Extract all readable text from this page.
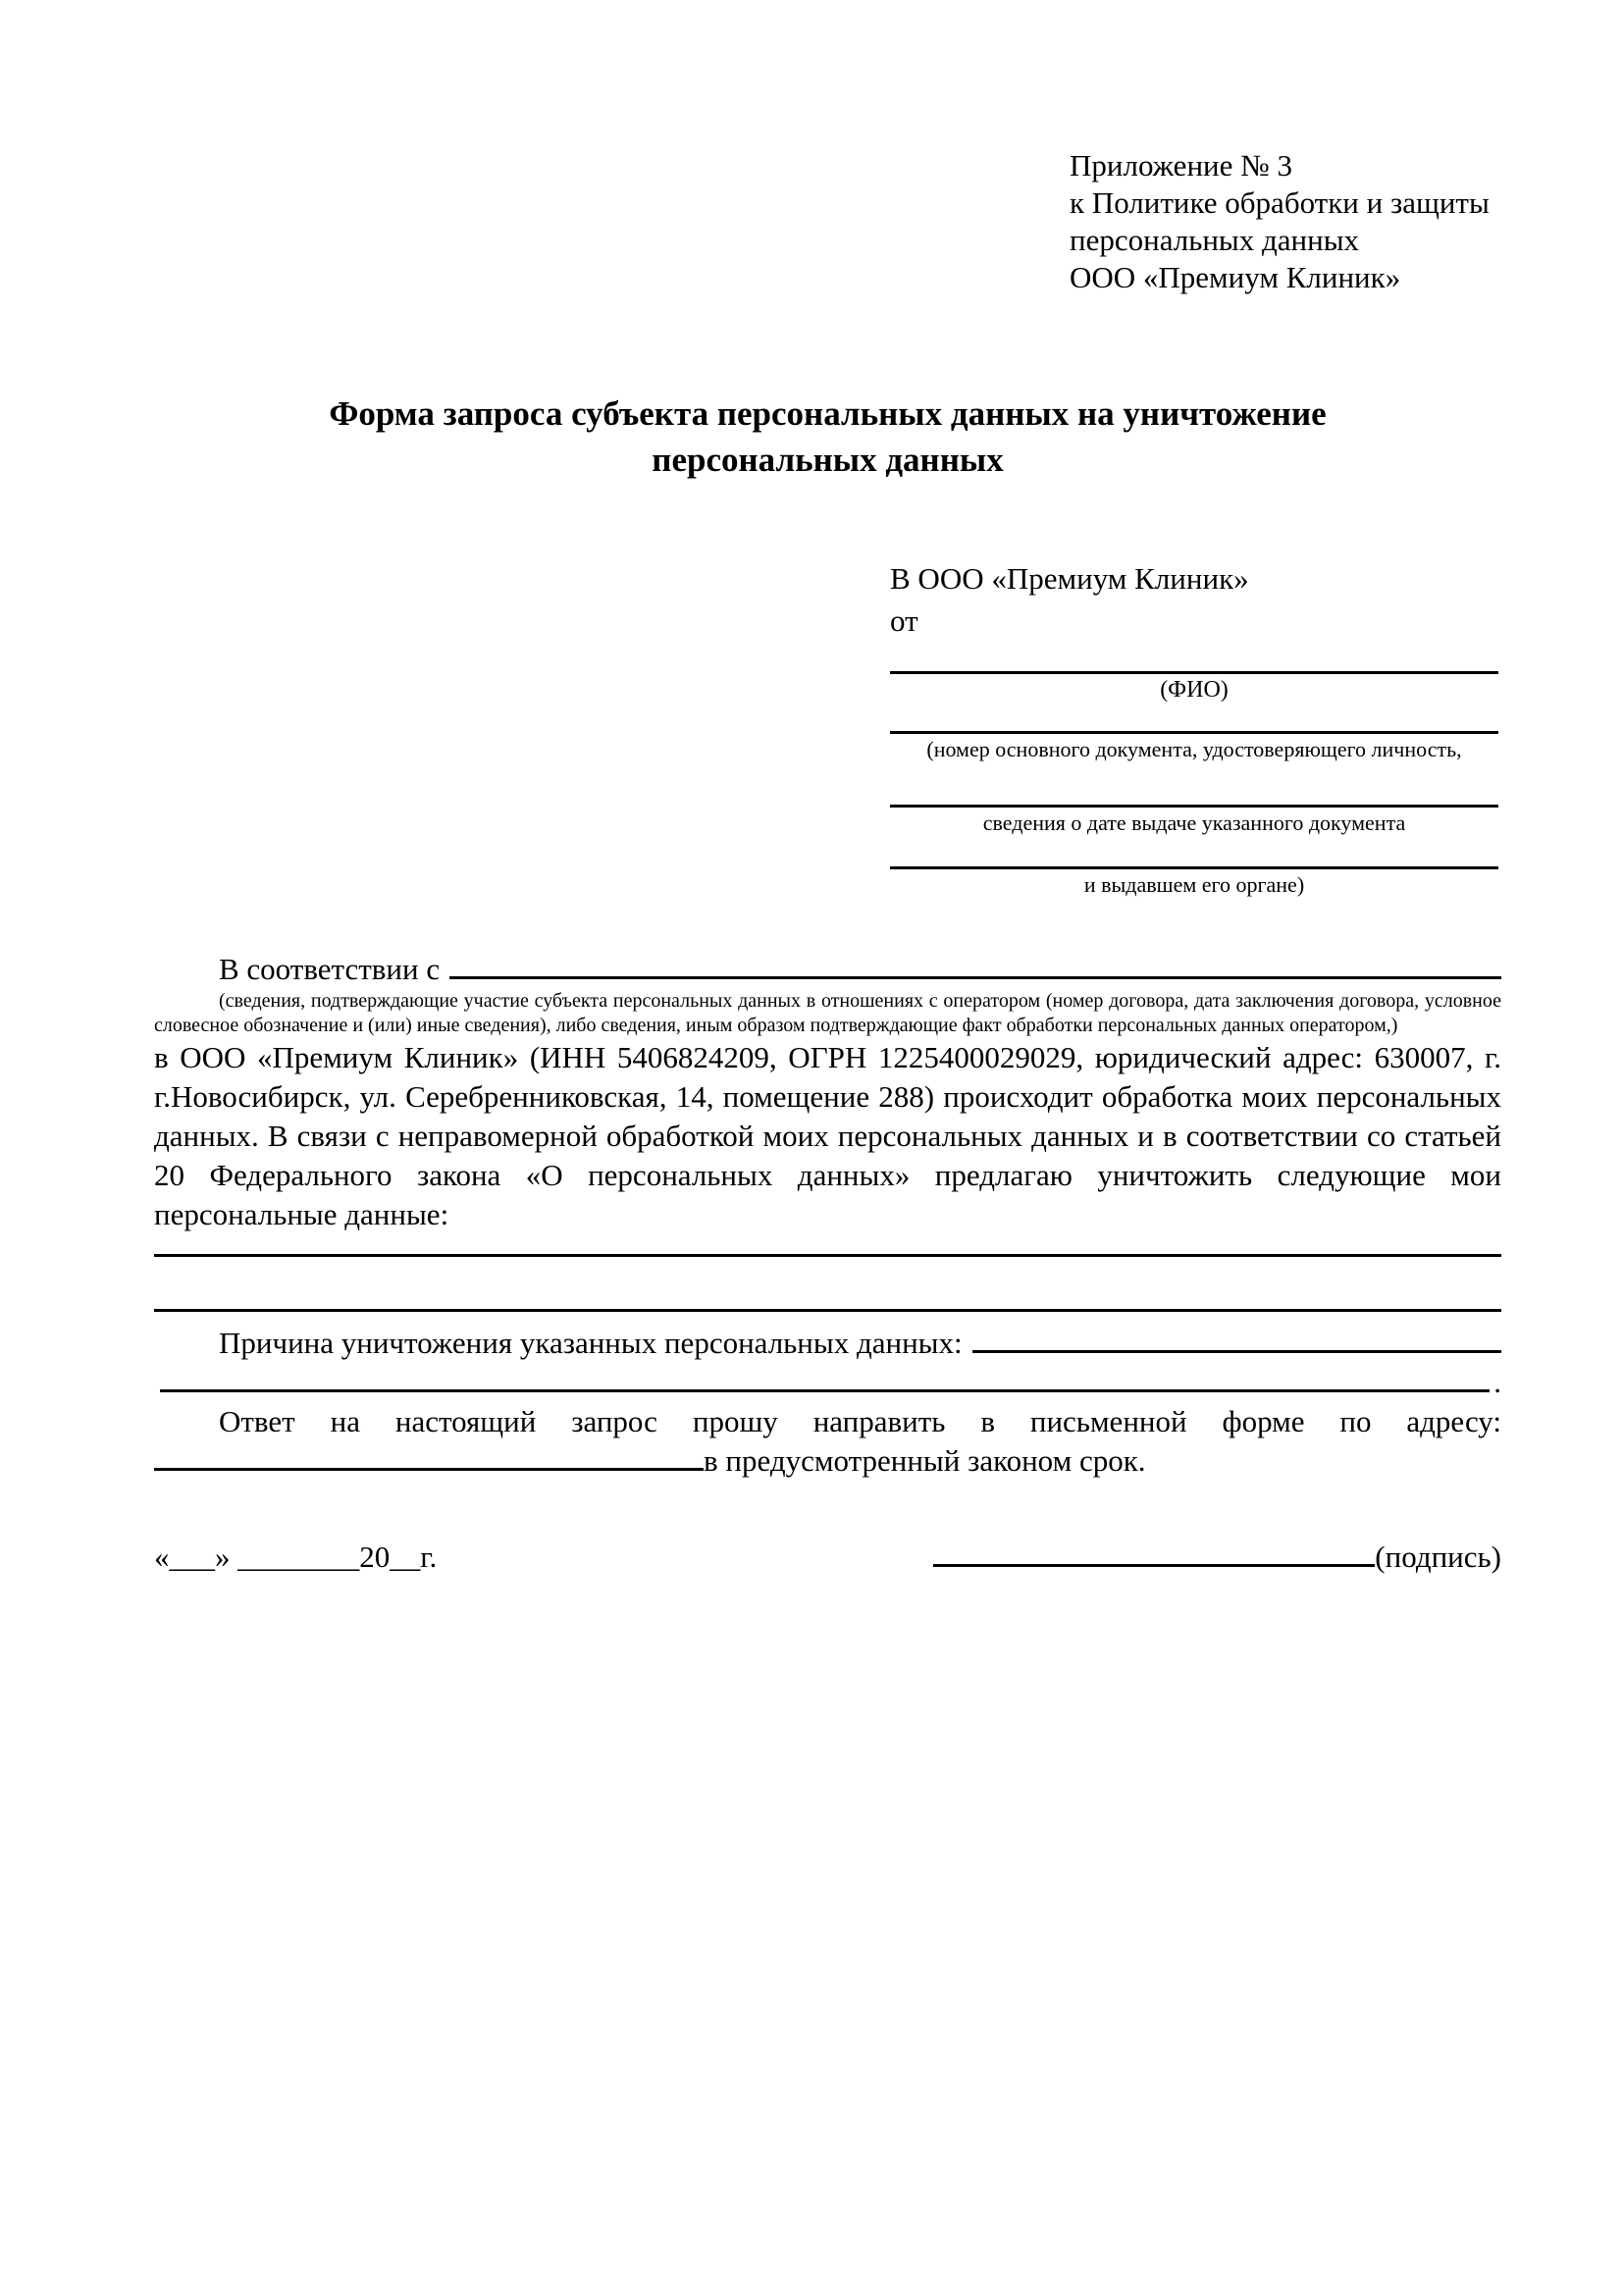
Приложение № 3
к Политике обработки и защиты
персональных данных
ООО «Премиум Клиник»
Форма запроса субъекта персональных данных на уничтожение
персональных данных
В ООО «Премиум Клиник»
от
(ФИО)
(номер основного документа, удостоверяющего личность,
сведения о дате выдаче указанного документа
и выдавшем его органе)
В соответствии с

(сведения, подтверждающие участие субъекта персональных данных в отношениях с оператором (номер договора, дата заключения договора, условное словесное обозначение и (или) иные сведения), либо сведения, иным образом подтверждающие факт обработки персональных данных оператором,)

в ООО «Премиум Клиник» (ИНН 5406824209, ОГРН 1225400029029, юридический адрес: 630007, г. г.Новосибирск, ул. Серебренниковская, 14, помещение 288) происходит обработка моих персональных данных. В связи с неправомерной обработкой моих персональных данных и в соответствии со статьей 20 Федерального закона «О персональных данных» предлагаю уничтожить следующие мои персональные данные:

Причина уничтожения указанных персональных данных:
.
Ответ на настоящий запрос прошу направить в письменной форме по адресу:
в предусмотренный законом срок.
«___» ________20__г.	(подпись)
